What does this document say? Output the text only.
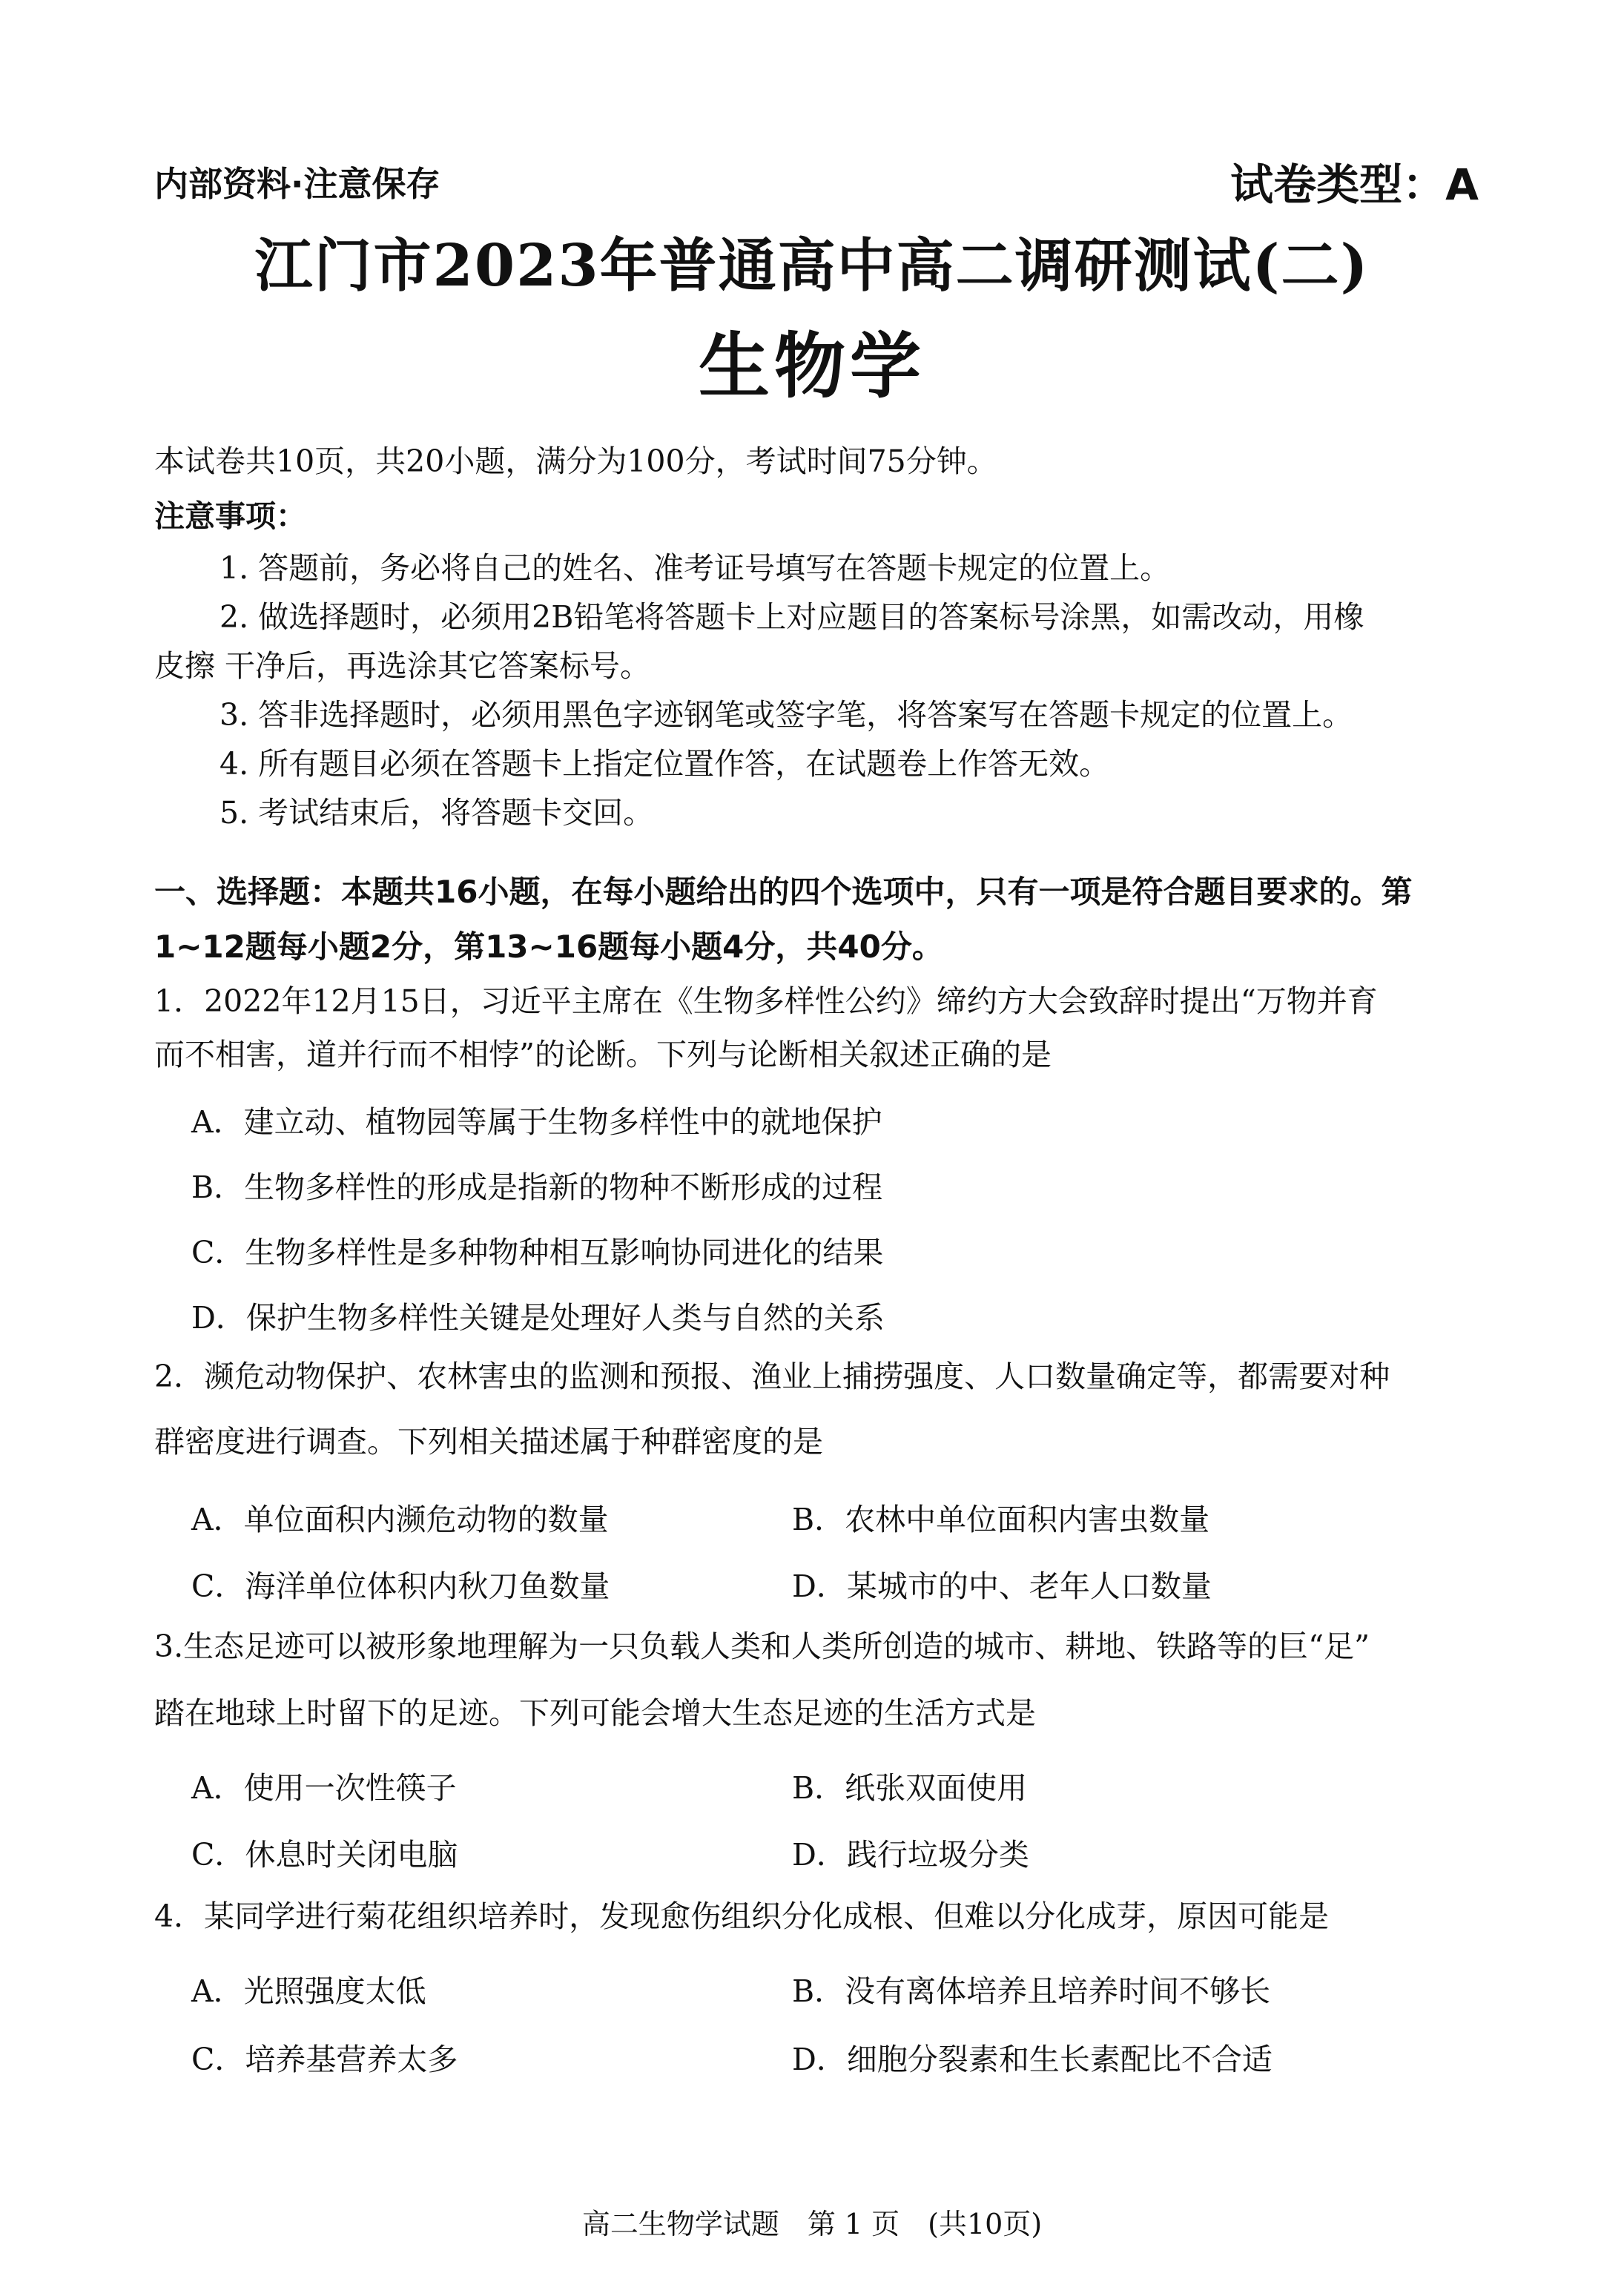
内部资料·注意保存	试卷类型：A
江门市2023年普通高中高二调研测试(二)
生物学
本试卷共10页，共20小题，满分为100分，考试时间75分钟。
注意事项：
1. 答题前，务必将自己的姓名、准考证号填写在答题卡规定的位置上。
2. 做选择题时，必须用2B铅笔将答题卡上对应题目的答案标号涂黑，如需改动，用橡
皮擦 干净后，再选涂其它答案标号。
3. 答非选择题时，必须用黑色字迹钢笔或签字笔，将答案写在答题卡规定的位置上。
4. 所有题目必须在答题卡上指定位置作答，在试题卷上作答无效。
5. 考试结束后，将答题卡交回。
一、选择题：本题共16小题，在每小题给出的四个选项中，只有一项是符合题目要求的。第
1~12题每小题2分，第13~16题每小题4分，共40分。
1．2022年12月15日，习近平主席在《生物多样性公约》缔约方大会致辞时提出“万物并育
而不相害，道并行而不相悖”的论断。下列与论断相关叙述正确的是
A．建立动、植物园等属于生物多样性中的就地保护
B．生物多样性的形成是指新的物种不断形成的过程
C．生物多样性是多种物种相互影响协同进化的结果
D．保护生物多样性关键是处理好人类与自然的关系
2．濒危动物保护、农林害虫的监测和预报、渔业上捕捞强度、人口数量确定等，都需要对种
群密度进行调查。下列相关描述属于种群密度的是
A．单位面积内濒危动物的数量	B．农林中单位面积内害虫数量
C．海洋单位体积内秋刀鱼数量	D．某城市的中、老年人口数量
3.生态足迹可以被形象地理解为一只负载人类和人类所创造的城市、耕地、铁路等的巨“足”
踏在地球上时留下的足迹。下列可能会增大生态足迹的生活方式是
A．使用一次性筷子	B．纸张双面使用
C．休息时关闭电脑	D．践行垃圾分类
4．某同学进行菊花组织培养时，发现愈伤组织分化成根、但难以分化成芽，原因可能是
A．光照强度太低	B．没有离体培养且培养时间不够长
C．培养基营养太多	D．细胞分裂素和生长素配比不合适
高二生物学试题　第 1 页　(共10页)
